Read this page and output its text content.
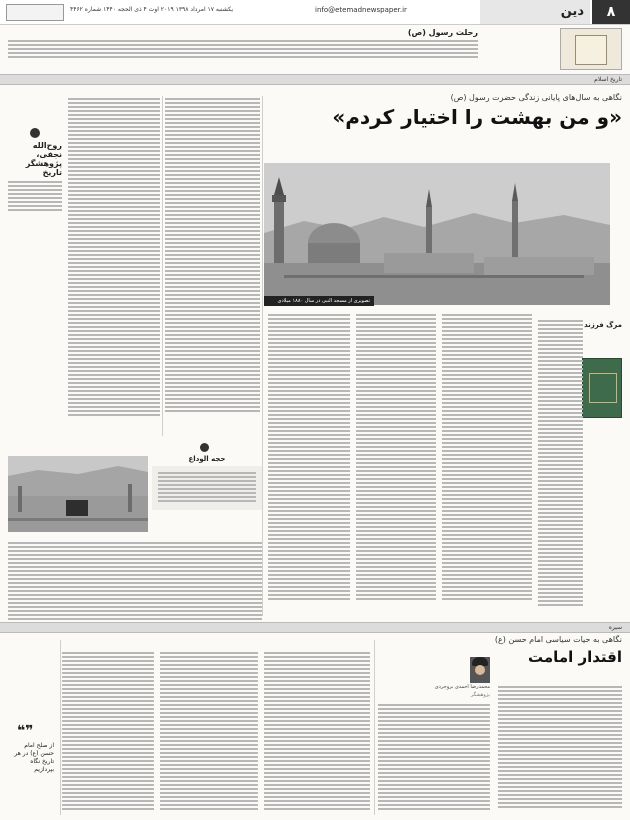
۸
دین
info@etemadnewspaper.ir
یکشنبه ۱۷ امرداد ۱۳۹۸ ۲۰۱۹ اوت ۴ ذی الحجه ۱۴۴۰ شماره ۴۴۶۲
رحلت رسول (ص)
تاریخ اسلام
نگاهی به سال‌های پایانی زندگی حضرت رسول (ص)
«و من بهشت را اختیار کردم»
تصویری از مسجد النبی در سال ۱۸۸۰ میلادی
روح‌الله نجفی، پژوهشگر تاریخ
مرگ فرزند
حجه الوداع
سیره
نگاهی به حیات سیاسی امام حسن (ع)
اقتدار امامت
محمدرضا احمدی بروجردی
پژوهشگر
❝❞
از صلح امام حسن (ع) در هر تاریخ نگاه بپردازیم
